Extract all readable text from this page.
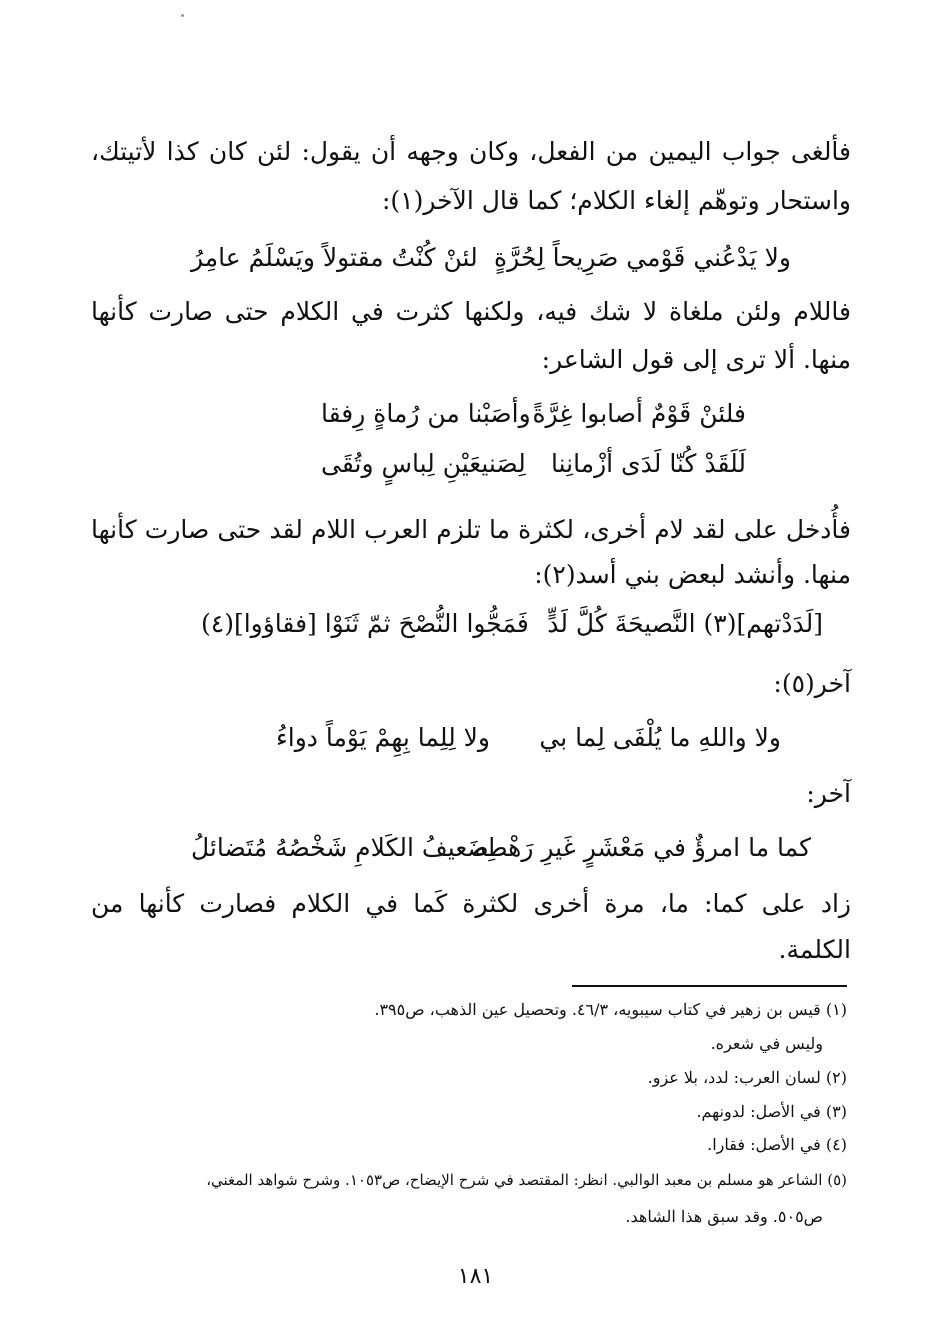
فألغى جواب اليمين من الفعل، وكان وجهه أن يقول: لئن كان كذا لأتيتك،
واستحار وتوهّم إلغاء الكلام؛ كما قال الآخر(١):
ولا يَدْعُني قَوْمي صَرِيحاً لِحُرَّةٍ
لئنْ كُنْتُ مقتولاً ويَسْلَمُ عامِرُ
فاللام ولئن ملغاة لا شك فيه، ولكنها كثرت في الكلام حتى صارت كأنها
منها. ألا ترى إلى قول الشاعر:
فلئنْ قَوْمٌ أصابوا غِرَّةً
وأصَبْنا من رُماةٍ رِفقا
لَلَقَدْ كُنّا لَدَى أزْمانِنا
لِصَنيعَيْنِ لِباسٍ وتُقَى
فأُدخل على لقد لام أخرى، لكثرة ما تلزم العرب اللام لقد حتى صارت كأنها
منها. وأنشد لبعض بني أسد(٢):
[لَدَدْتهم](٣) النَّصيحَةَ كُلَّ لَدٍّ
فَمَجُّوا النُّصْحَ ثمّ ثَنَوْا [فقاؤوا](٤)
آخر(٥):
ولا واللهِ ما يُلْفَى لِما بي
ولا لِلِما بِهِمْ يَوْماً دواءُ
آخر:
كما ما امرؤٌ في مَعْشَرٍ غَيرِ رَهْطِه
ضَعيفُ الكَلامِ شَخْصُهُ مُتَضائلُ
زاد على كما: ما، مرة أخرى لكثرة كَما في الكلام فصارت كأنها من
الكلمة.
(١) قيس بن زهير في كتاب سيبويه، ٤٦/٣. وتحصيل عين الذهب، ص٣٩٥.
وليس في شعره.
(٢) لسان العرب: لدد، بلا عزو.
(٣) في الأصل: لدونهم.
(٤) في الأصل: فقارا.
(٥) الشاعر هو مسلم بن معبد الوالبي. انظر: المقتصد في شرح الإيضاح، ص١٠٥٣. وشرح شواهد المغني،
ص٥٠٥. وقد سبق هذا الشاهد.
١٨١
